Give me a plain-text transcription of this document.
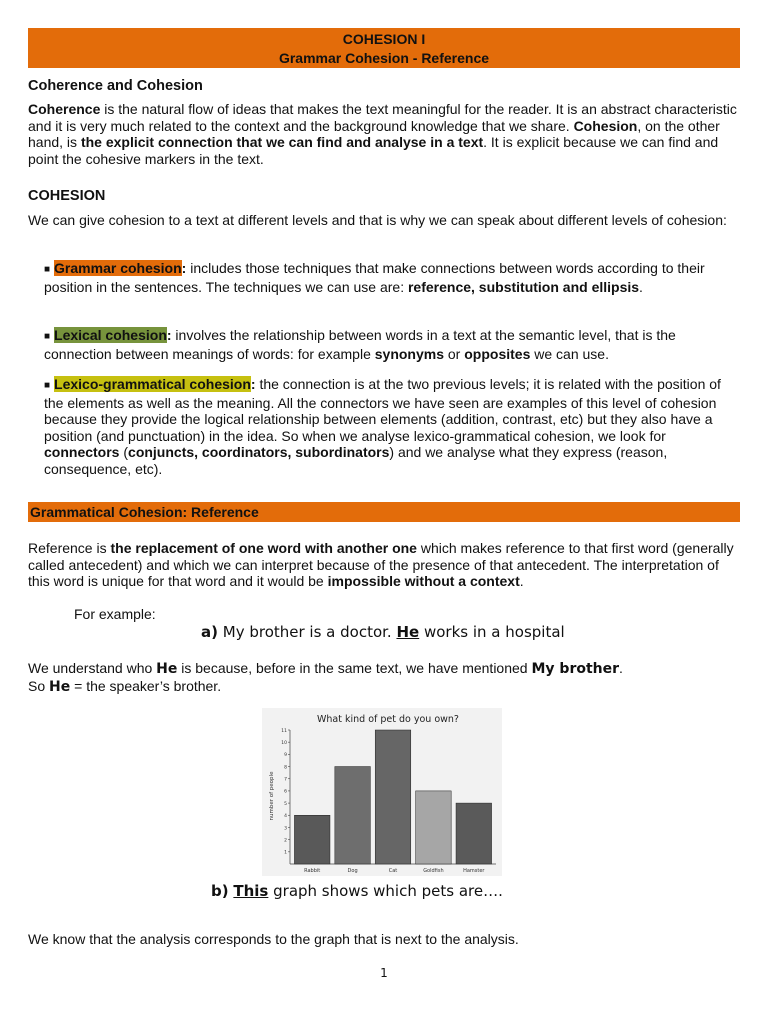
COHESION I
Grammar Cohesion - Reference
Coherence and Cohesion
Coherence is the natural flow of ideas that makes the text meaningful for the reader. It is an abstract characteristic and it is very much related to the context and the background knowledge that we share. Cohesion, on the other hand, is the explicit connection that we can find and analyse in a text. It is explicit because we can find and point the cohesive markers in the text.
COHESION
We can give cohesion to a text at different levels and that is why we can speak about different levels of cohesion:
■ Grammar cohesion: includes those techniques that make connections between words according to their position in the sentences. The techniques we can use are: reference, substitution and ellipsis.
■ Lexical cohesion: involves the relationship between words in a text at the semantic level, that is the connection between meanings of words: for example synonyms or opposites we can use.
■ Lexico-grammatical cohesion: the connection is at the two previous levels; it is related with the position of the elements as well as the meaning. All the connectors we have seen are examples of this level of cohesion because they provide the logical relationship between elements (addition, contrast, etc) but they also have a position (and punctuation) in the idea. So when we analyse lexico-grammatical cohesion, we look for connectors (conjuncts, coordinators, subordinators) and we analyse what they express (reason, consequence, etc).
Grammatical Cohesion: Reference
Reference is the replacement of one word with another one which makes reference to that first word (generally called antecedent) and which we can interpret because of the presence of that antecedent. The interpretation of this word is unique for that word and it would be impossible without a context.
For example:
a) My brother is a doctor. He works in a hospital
We understand who He is because, before in the same text, we have mentioned My brother.
So He = the speaker’s brother.
What kind of pet do you own?
number of people
1
2
3
4
5
6
7
8
9
10
11
Rabbit	Dog	Cat	Goldfish	Hamster
b) This graph shows which pets are….
We know that the analysis corresponds to the graph that is next to the analysis.
1
